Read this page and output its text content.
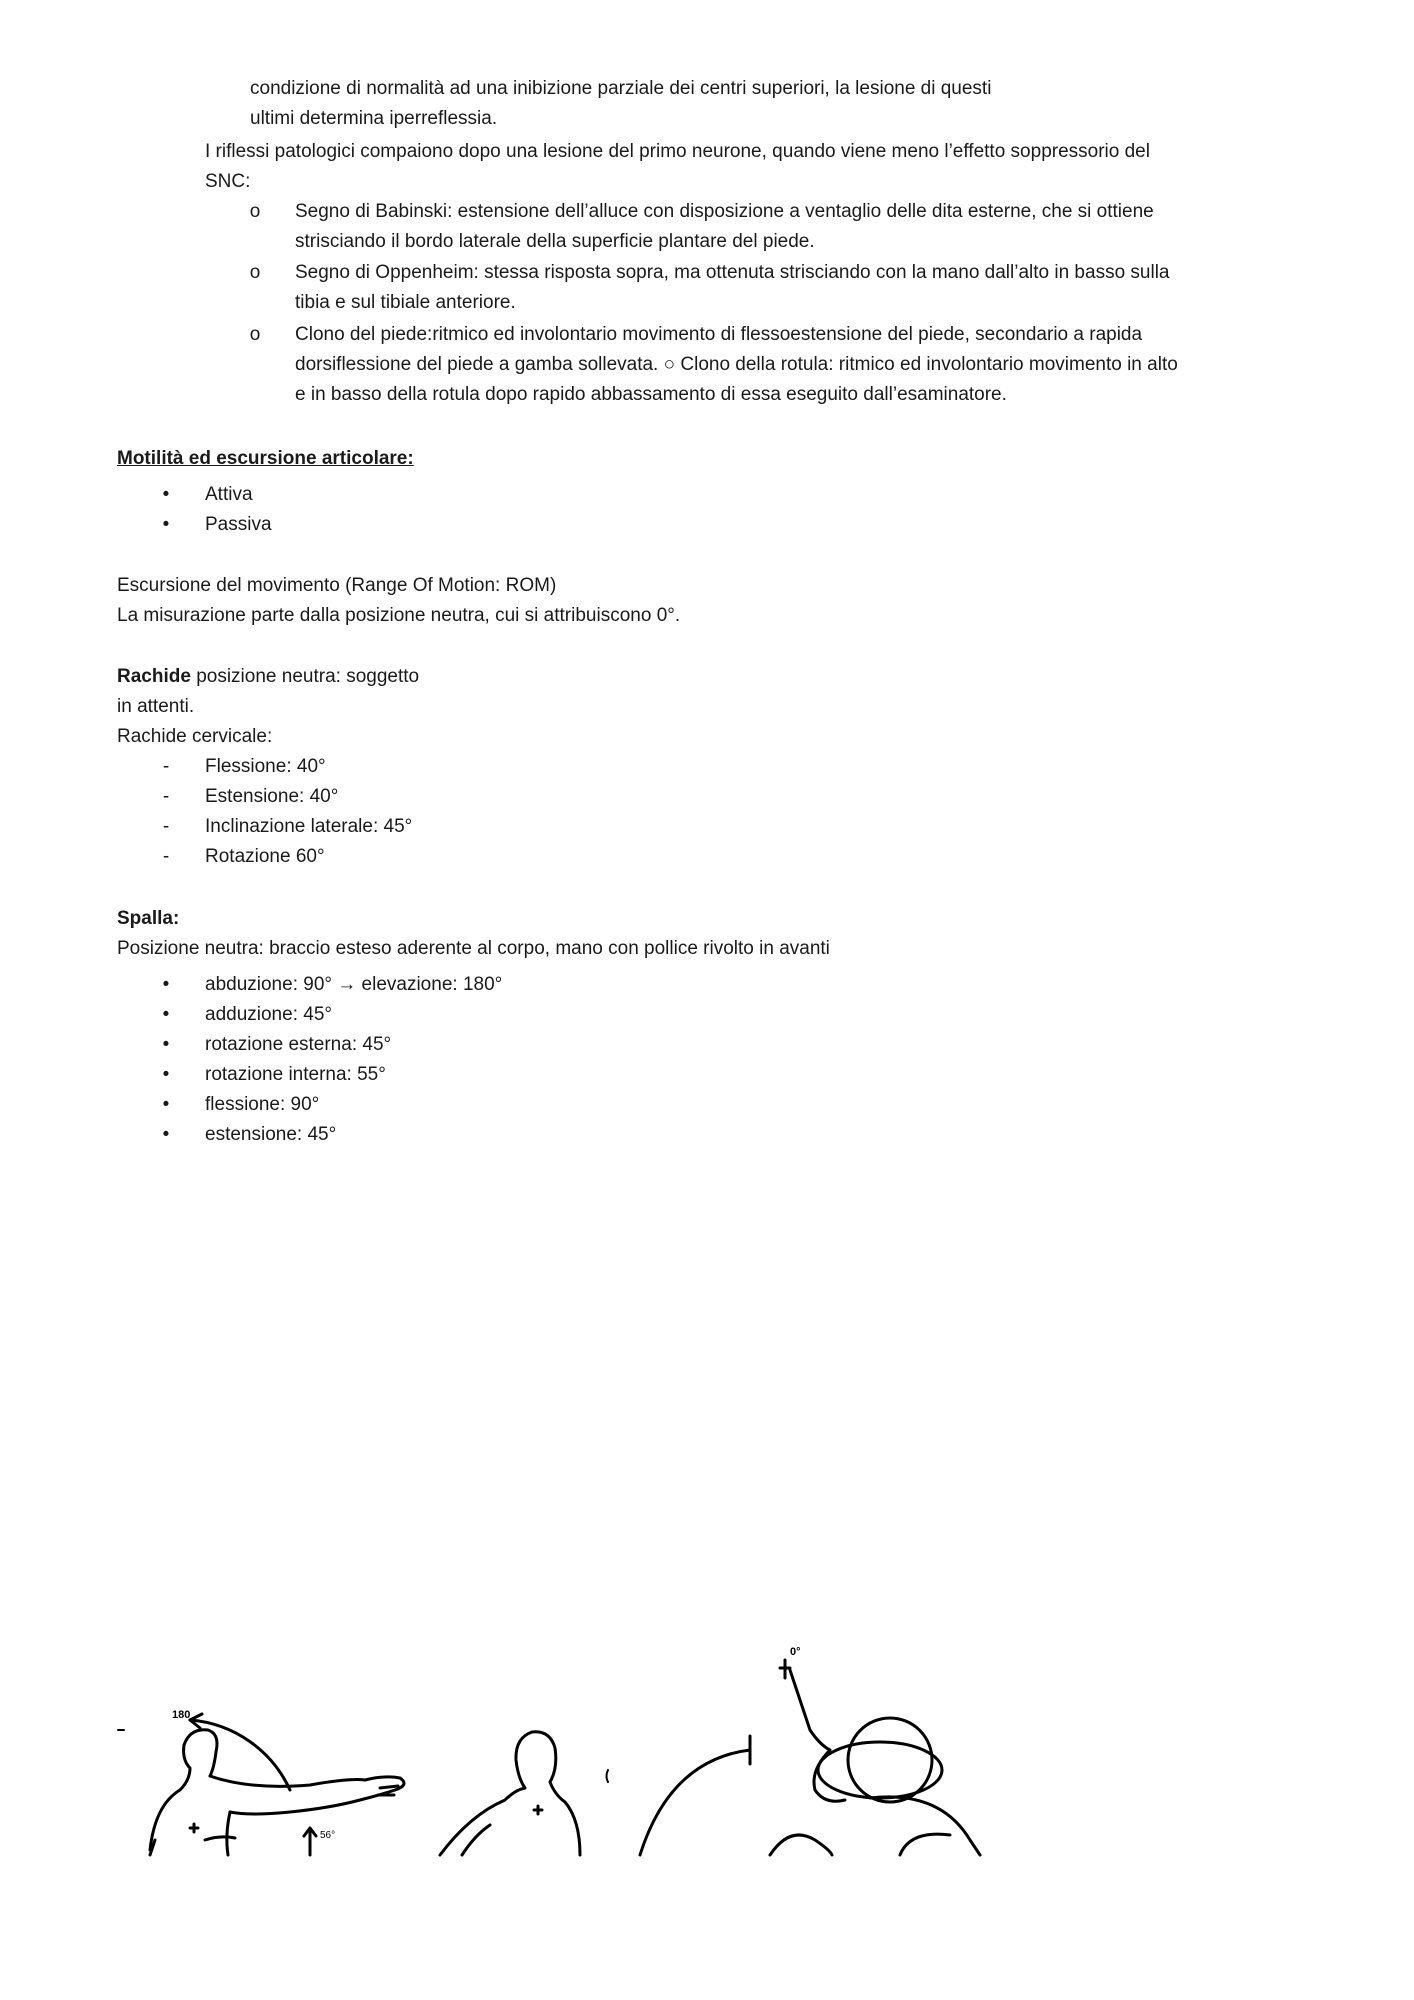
condizione di normalità ad una inibizione parziale dei centri superiori, la lesione di questi

ultimi determina iperreflessia.

I riflessi patologici compaiono dopo una lesione del primo neurone, quando viene meno l’effetto soppressorio del

SNC:

o	Segno di Babinski: estensione dell’alluce con disposizione a ventaglio delle dita esterne, che si ottiene

strisciando il bordo laterale della superficie plantare del piede.

o	Segno di Oppenheim: stessa risposta sopra, ma ottenuta strisciando con la mano dall’alto in basso sulla

tibia e sul tibiale anteriore.

o	Clono del piede:ritmico ed involontario movimento di flessoestensione del piede, secondario a rapida

dorsiflessione del piede a gamba sollevata. ○ Clono della rotula: ritmico ed involontario movimento in alto

e in basso della rotula dopo rapido abbassamento di essa eseguito dall’esaminatore.

Motilità ed escursione articolare:

•	Attiva

•	Passiva

Escursione del movimento (Range Of Motion: ROM)

La misurazione parte dalla posizione neutra, cui si attribuiscono 0°.

Rachide posizione neutra: soggetto

in attenti.

Rachide cervicale:

-	Flessione: 40°

-	Estensione: 40°

-	Inclinazione laterale: 45°

-	Rotazione 60°

Spalla:

Posizione neutra: braccio esteso aderente al corpo, mano con pollice rivolto in avanti

•	abduzione: 90° → elevazione: 180°

•	adduzione: 45°

•	rotazione esterna: 45°

•	rotazione interna: 55°

•	flessione: 90°

•	estensione: 45°

180
56°
0°
